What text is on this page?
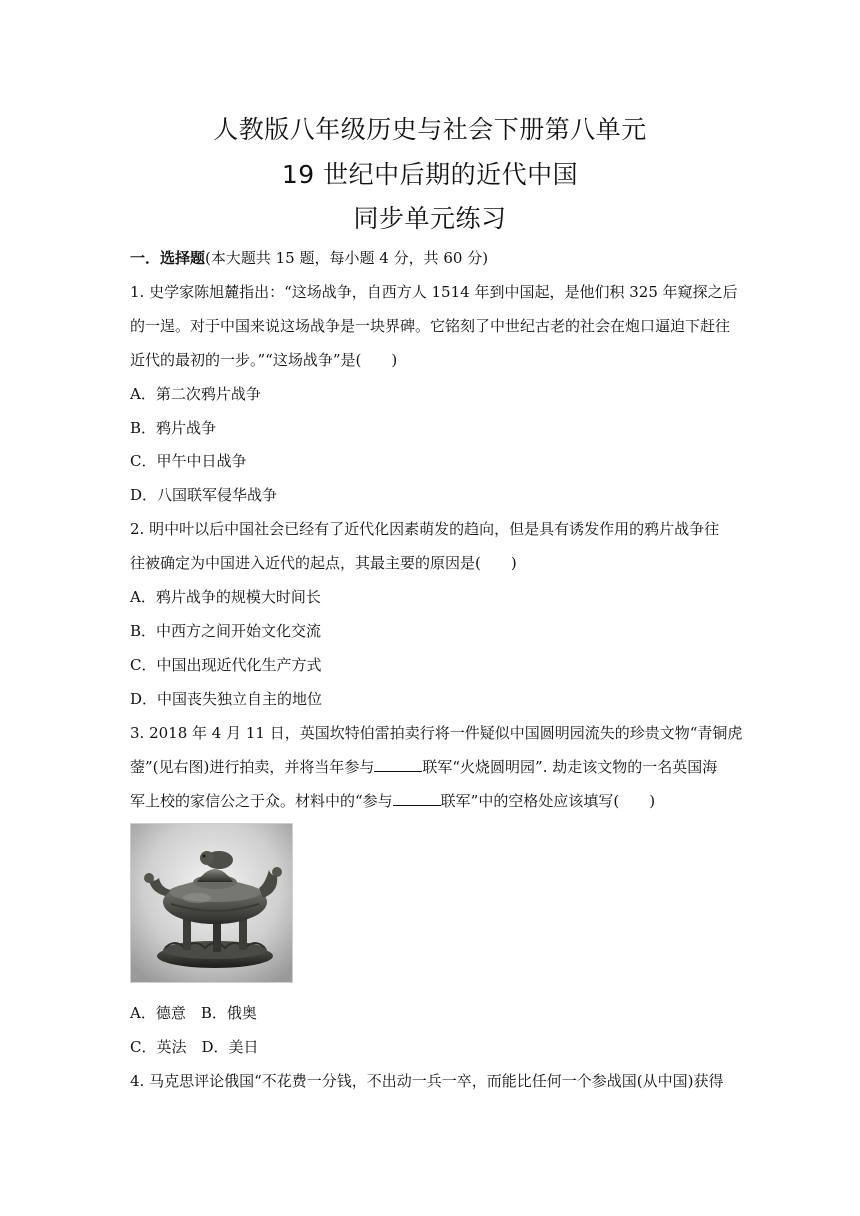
人教版八年级历史与社会下册第八单元
19 世纪中后期的近代中国
同步单元练习
一．选择题(本大题共 15 题，每小题 4 分，共 60 分)
1. 史学家陈旭麓指出：“这场战争，自西方人 1514 年到中国起，是他们积 325 年窥探之后
的一逞。对于中国来说这场战争是一块界碑。它铭刻了中世纪古老的社会在炮口逼迫下赶往
近代的最初的一步。”“这场战争”是(　　)
A．第二次鸦片战争
B．鸦片战争
C．甲午中日战争
D．八国联军侵华战争
2. 明中叶以后中国社会已经有了近代化因素萌发的趋向，但是具有诱发作用的鸦片战争往
往被确定为中国进入近代的起点，其最主要的原因是(　　)
A．鸦片战争的规模大时间长
B．中西方之间开始文化交流
C．中国出现近代化生产方式
D．中国丧失独立自主的地位
3. 2018 年 4 月 11 日，英国坎特伯雷拍卖行将一件疑似中国圆明园流失的珍贵文物“青铜虎
蓥”(见右图)进行拍卖，并将当年参与	联军“火烧圆明园”. 劫走该文物的一名英国海
军上校的家信公之于众。材料中的“参与	联军”中的空格处应该填写(　　)
A．德意　B．俄奥
C．英法　D．美日
4. 马克思评论俄国“不花费一分钱，不出动一兵一卒，而能比任何一个参战国(从中国)获得
